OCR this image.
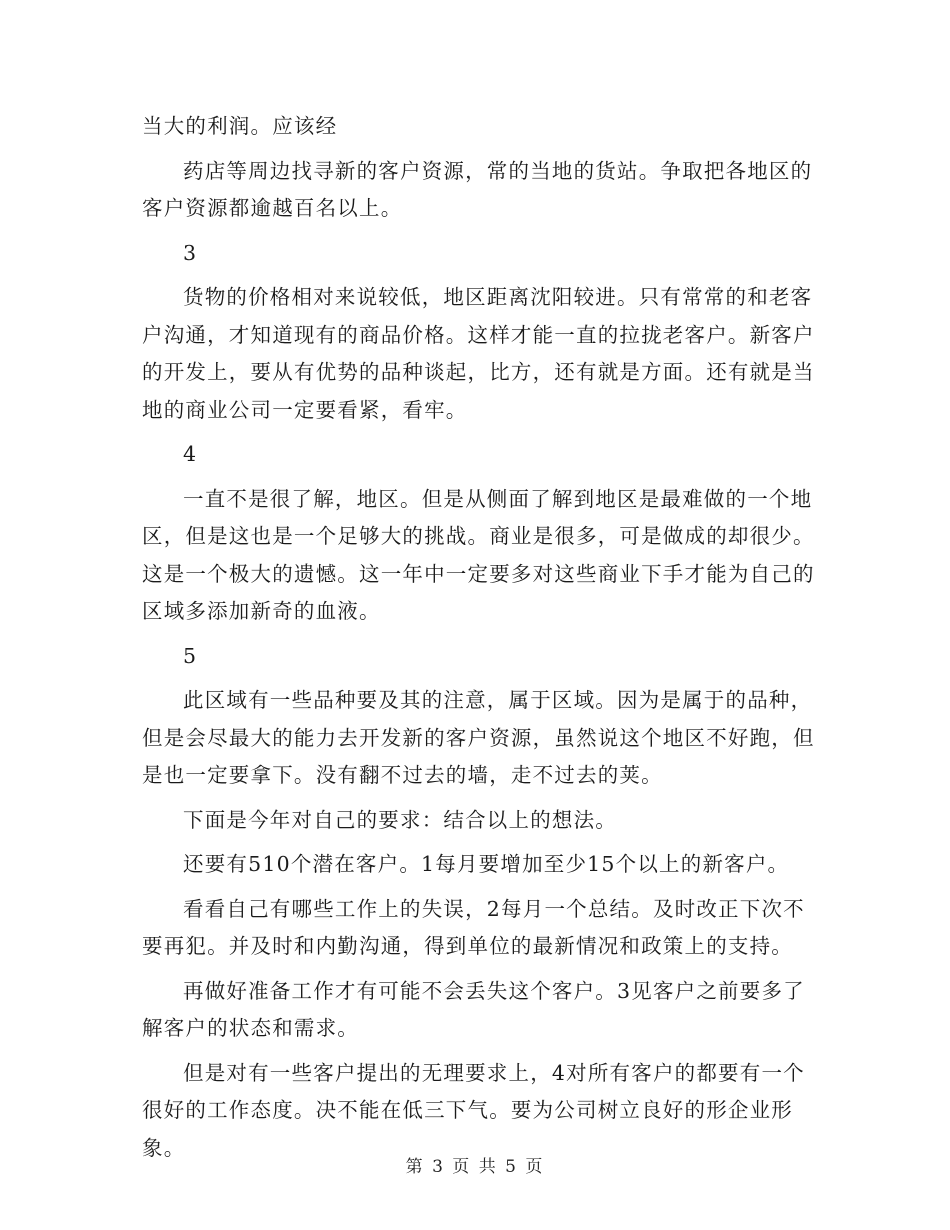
当大的利润。应该经

药店等周边找寻新的客户资源，常的当地的货站。争取把各地区的客户资源都逾越百名以上。

3

货物的价格相对来说较低，地区距离沈阳较进。只有常常的和老客户沟通，才知道现有的商品价格。这样才能一直的拉拢老客户。新客户的开发上，要从有优势的品种谈起，比方，还有就是方面。还有就是当地的商业公司一定要看紧，看牢。

4

一直不是很了解，地区。但是从侧面了解到地区是最难做的一个地区，但是这也是一个足够大的挑战。商业是很多，可是做成的却很少。这是一个极大的遗憾。这一年中一定要多对这些商业下手才能为自己的区域多添加新奇的血液。

5

此区域有一些品种要及其的注意，属于区域。因为是属于的品种，但是会尽最大的能力去开发新的客户资源，虽然说这个地区不好跑，但是也一定要拿下。没有翻不过去的墙，走不过去的荚。

下面是今年对自己的要求：结合以上的想法。

还要有510个潜在客户。1每月要增加至少15个以上的新客户。

看看自己有哪些工作上的失误，2每月一个总结。及时改正下次不要再犯。并及时和内勤沟通，得到单位的最新情况和政策上的支持。

再做好准备工作才有可能不会丢失这个客户。3见客户之前要多了解客户的状态和需求。

但是对有一些客户提出的无理要求上，4对所有客户的都要有一个很好的工作态度。决不能在低三下气。要为公司树立良好的形企业形象。

第 3 页 共 5 页
